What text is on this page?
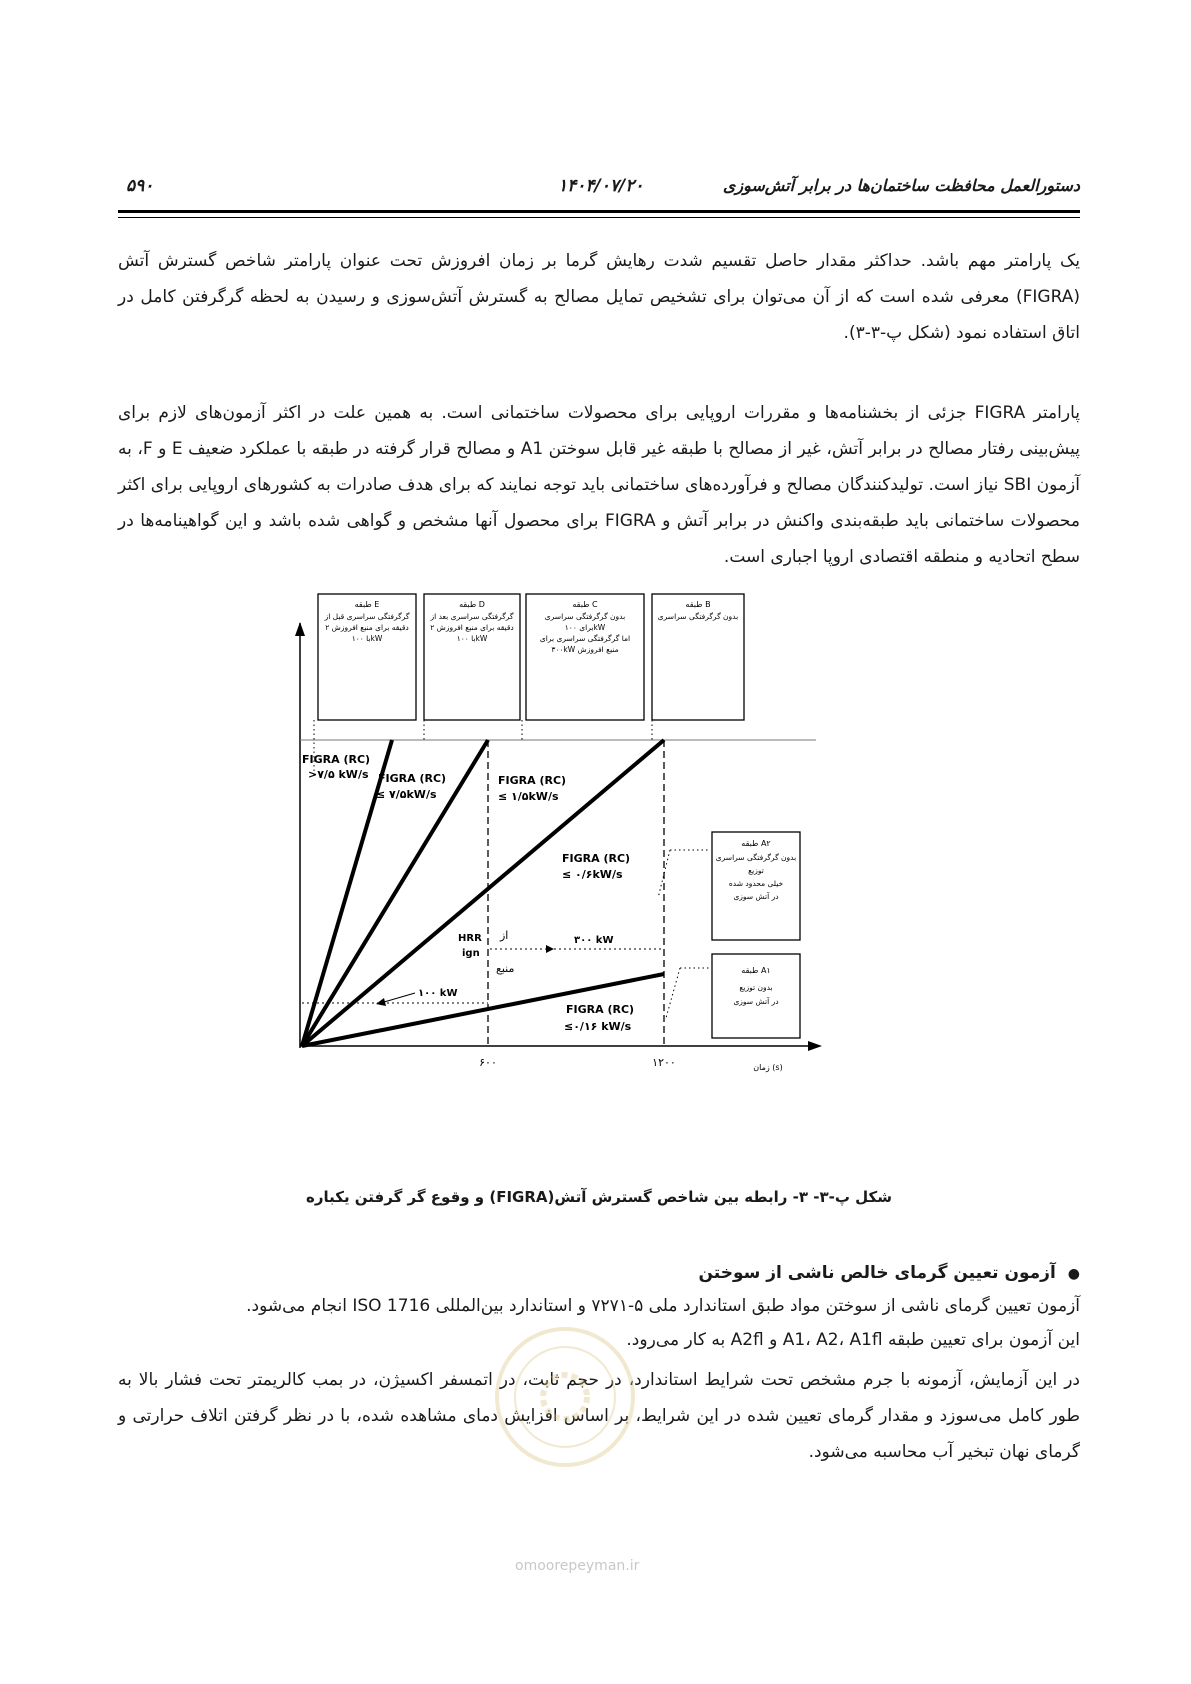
۵۹۰	۱۴۰۴/۰۷/۲۰	دستورالعمل محافظت ساختمان‌ها در برابر آتش‌سوزی

یک پارامتر مهم باشد. حداکثر مقدار حاصل تقسیم شدت رهایش گرما بر زمان افروزش تحت عنوان پارامتر شاخص گسترش آتش (FIGRA) معرفی شده است که از آن می‌توان برای تشخیص تمایل مصالح به گسترش آتش‌سوزی و رسیدن به لحظه گرگرفتن کامل در اتاق استفاده نمود (شکل پ-۳-۳).

پارامتر FIGRA جزئی از بخشنامه‌ها و مقررات اروپایی برای محصولات ساختمانی است. به همین علت در اکثر آزمون‌های لازم برای پیش‌بینی رفتار مصالح در برابر آتش، غیر از مصالح با طبقه غیر قابل سوختن A1 و مصالح قرار گرفته در طبقه با عملکرد ضعیف E و F، به آزمون SBI نیاز است. تولیدکنندگان مصالح و فرآورده‌های ساختمانی باید توجه نمایند که برای هدف صادرات به کشورهای اروپایی برای اکثر محصولات ساختمانی باید طبقه‌بندی واکنش در برابر آتش و FIGRA برای محصول آنها مشخص و گواهی شده باشد و این گواهینامه‌ها در سطح اتحادیه و منطقه اقتصادی اروپا اجباری است.

طبقه E
گرگرفتگی سراسری قبل از
۲ دقیقه برای منبع افروزش
با ۱۰۰kW
طبقه D
گرگرفتگی سراسری بعد از
۲ دقیقه برای منبع افروزش
با ۱۰۰kW
طبقه C
بدون گرگرفتگی سراسری
برای ۱۰۰kW
اما گرگرفتگی سراسری برای
۳۰۰kW منبع افروزش
طبقه B
بدون گرگرفتگی سراسری
FIGRA (RC)
>۷/۵ kW/s FIGRA (RC)
≤ ۷/۵kW/s
FIGRA (RC)
≤ ۱/۵kW/s
FIGRA (RC)
≤ ۰/۶kW/s
FIGRA (RC)
≤۰/۱۶ kW/s
HRR
ign
از
منبع
۳۰۰ kW
۱۰۰ kW
طبقه A۲
بدون گرگرفتگی سراسری
توزیع
خیلی محدود شده
در آتش سوزی
طبقه A۱
بدون توزیع
در آتش سوزی
۶۰۰	۱۲۰۰	زمان (s)
شکل پ-۳- ۳- رابطه بین شاخص گسترش آتش(FIGRA) و وقوع گر گرفتن یکباره
●آزمون تعیین گرمای خالص ناشی از سوختن

آزمون تعیین گرمای ناشی از سوختن مواد طبق استاندارد ملی ۵-۷۲۷۱ و استاندارد بین‌المللی ISO 1716 انجام می‌شود.

این آزمون برای تعیین طبقه A1، A2، A1fl و A2fl به کار می‌رود.

در این آزمایش، آزمونه با جرم مشخص تحت شرایط استاندارد، در حجم ثابت، در اتمسفر اکسیژن، در بمب کالریمتر تحت فشار بالا به طور کامل می‌سوزد و مقدار گرمای تعیین شده در این شرایط، بر اساس افزایش دمای مشاهده شده، با در نظر گرفتن اتلاف حرارتی و گرمای نهان تبخیر آب محاسبه می‌شود.

omoorepeyman.ir
